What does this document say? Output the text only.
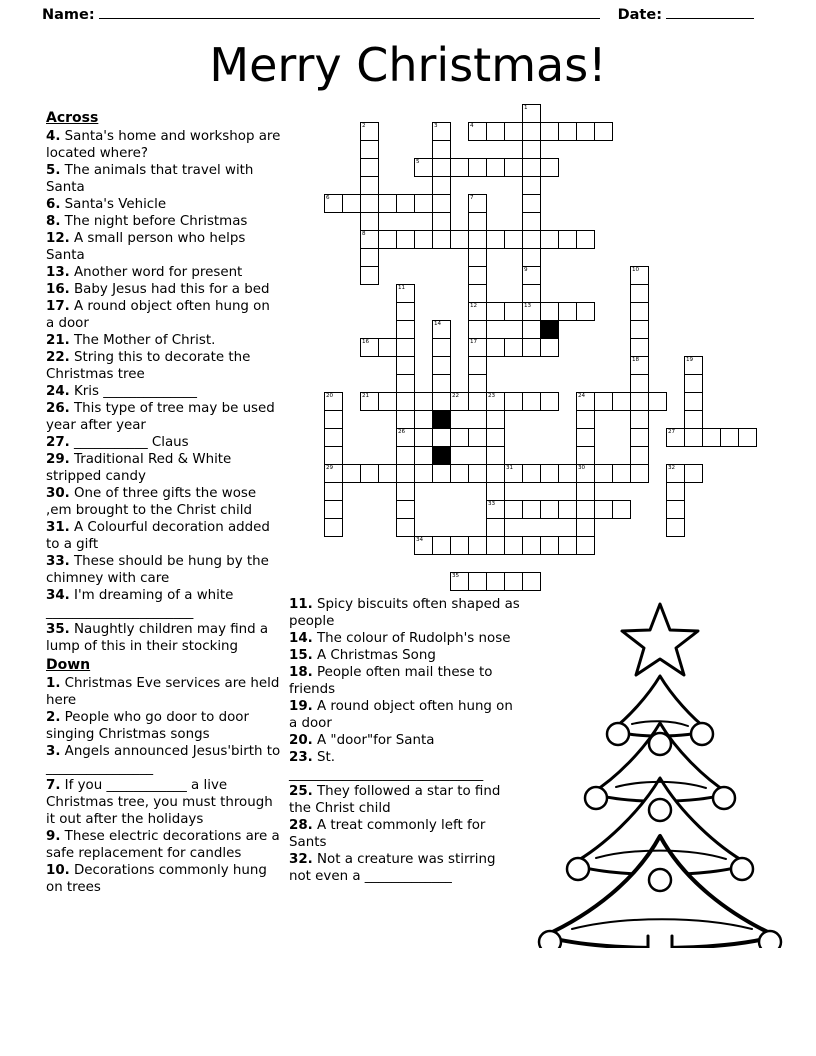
Name:	Date:
Merry Christmas!
Across
4. Santa's home and workshop are located where?
5. The animals that travel with Santa
6. Santa's Vehicle
8. The night before Christmas
12. A small person who helps Santa
13. Another word for present
16. Baby Jesus had this for a bed
17. A round object often hung on a door
21. The Mother of Christ.
22. String this to decorate the Christmas tree
24. Kris ______________
26. This type of tree may be used year after year
27. ___________ Claus
29. Traditional Red & White stripped candy
30. One of three gifts the wose ,em brought to the Christ child
31. A Colourful decoration added to a gift
33. These should be hung by the chimney with care
34. I'm dreaming of a white ______________________
35. Naughtly children may find a lump of this in their stocking
Down
1. Christmas Eve services are held here
2. People who go door to door singing Christmas songs
3. Angels announced Jesus'birth to ________________
7. If you ____________ a live Christmas tree, you must through it out after the holidays
9. These electric decorations are a safe replacement for candles
10. Decorations commonly hung on trees
11. Spicy biscuits often shaped as people
14. The colour of Rudolph's nose
15. A Christmas Song
18. People often mail these to friends
19. A round object often hung on a door
20. A "door"for Santa
23. St. _____________________________
25. They followed a star to find the Christ child
28. A treat commonly left for Sants
32. Not a creature was stirring not even a _____________
1
2	3	4
5
6	7
8
9	10
11
12	13
14
16	17
18	19
20	21	22	23	24
26	27
29	31	30	32
33
34
35
